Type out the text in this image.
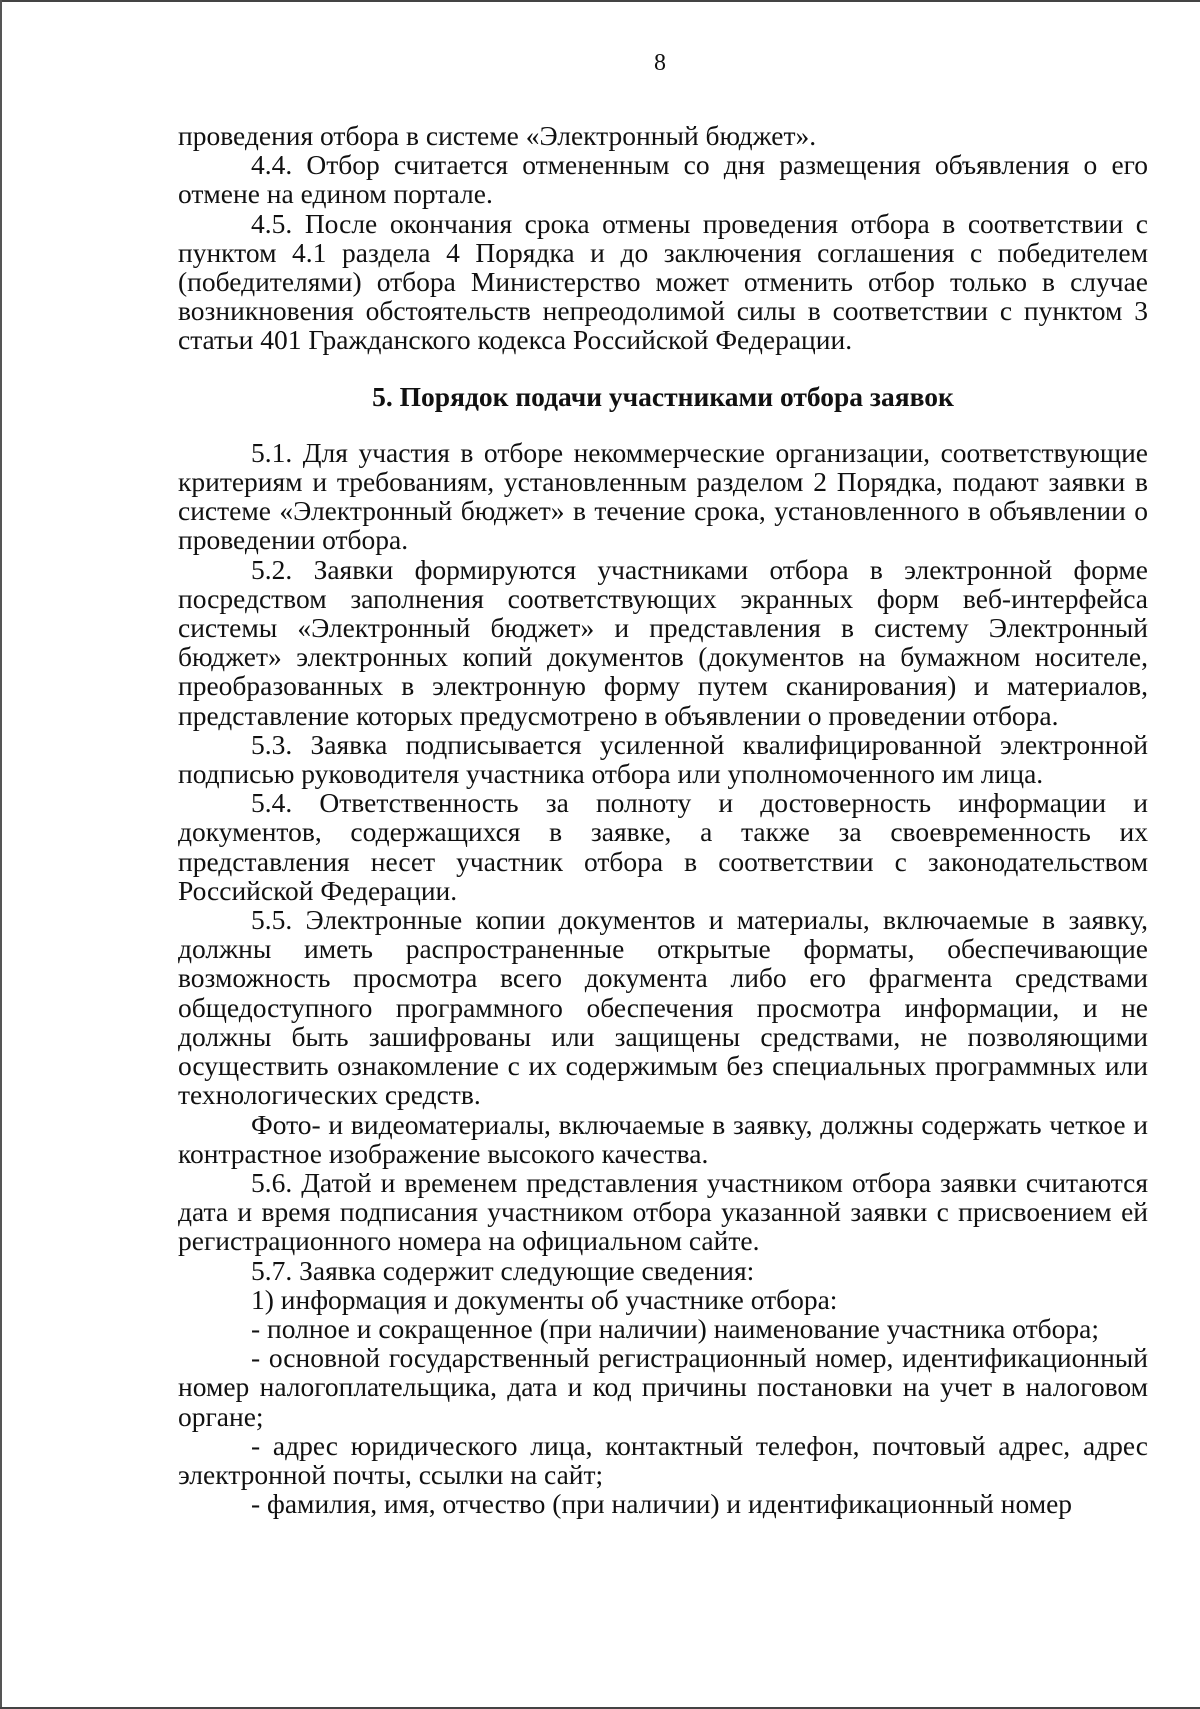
8

проведения отбора в системе «Электронный бюджет».

4.4. Отбор считается отмененным со дня размещения объявления о его отмене на едином портале.

4.5. После окончания срока отмены проведения отбора в соответствии с пунктом 4.1 раздела 4 Порядка и до заключения соглашения с победителем (победителями) отбора Министерство может отменить отбор только в случае возникновения обстоятельств непреодолимой силы в соответствии с пунктом 3 статьи 401 Гражданского кодекса Российской Федерации.

5. Порядок подачи участниками отбора заявок

5.1. Для участия в отборе некоммерческие организации, соответствующие критериям и требованиям, установленным разделом 2 Порядка, подают заявки в системе «Электронный бюджет» в течение срока, установленного в объявлении о проведении отбора.

5.2. Заявки формируются участниками отбора в электронной форме посредством заполнения соответствующих экранных форм веб-интерфейса системы «Электронный бюджет» и представления в систему Электронный бюджет» электронных копий документов (документов на бумажном носителе, преобразованных в электронную форму путем сканирования) и материалов, представление которых предусмотрено в объявлении о проведении отбора.

5.3. Заявка подписывается усиленной квалифицированной электронной подписью руководителя участника отбора или уполномоченного им лица.

5.4. Ответственность за полноту и достоверность информации и документов, содержащихся в заявке, а также за своевременность их представления несет участник отбора в соответствии с законодательством Российской Федерации.

5.5. Электронные копии документов и материалы, включаемые в заявку, должны иметь распространенные открытые форматы, обеспечивающие возможность просмотра всего документа либо его фрагмента средствами общедоступного программного обеспечения просмотра информации, и не должны быть зашифрованы или защищены средствами, не позволяющими осуществить ознакомление с их содержимым без специальных программных или технологических средств.

Фото- и видеоматериалы, включаемые в заявку, должны содержать четкое и контрастное изображение высокого качества.

5.6. Датой и временем представления участником отбора заявки считаются дата и время подписания участником отбора указанной заявки с присвоением ей регистрационного номера на официальном сайте.

5.7. Заявка содержит следующие сведения:

1) информация и документы об участнике отбора:

- полное и сокращенное (при наличии) наименование участника отбора;

- основной государственный регистрационный номер, идентификационный номер налогоплательщика, дата и код причины постановки на учет в налоговом органе;

- адрес юридического лица, контактный телефон, почтовый адрес, адрес электронной почты, ссылки на сайт;

- фамилия, имя, отчество (при наличии) и идентификационный номер
